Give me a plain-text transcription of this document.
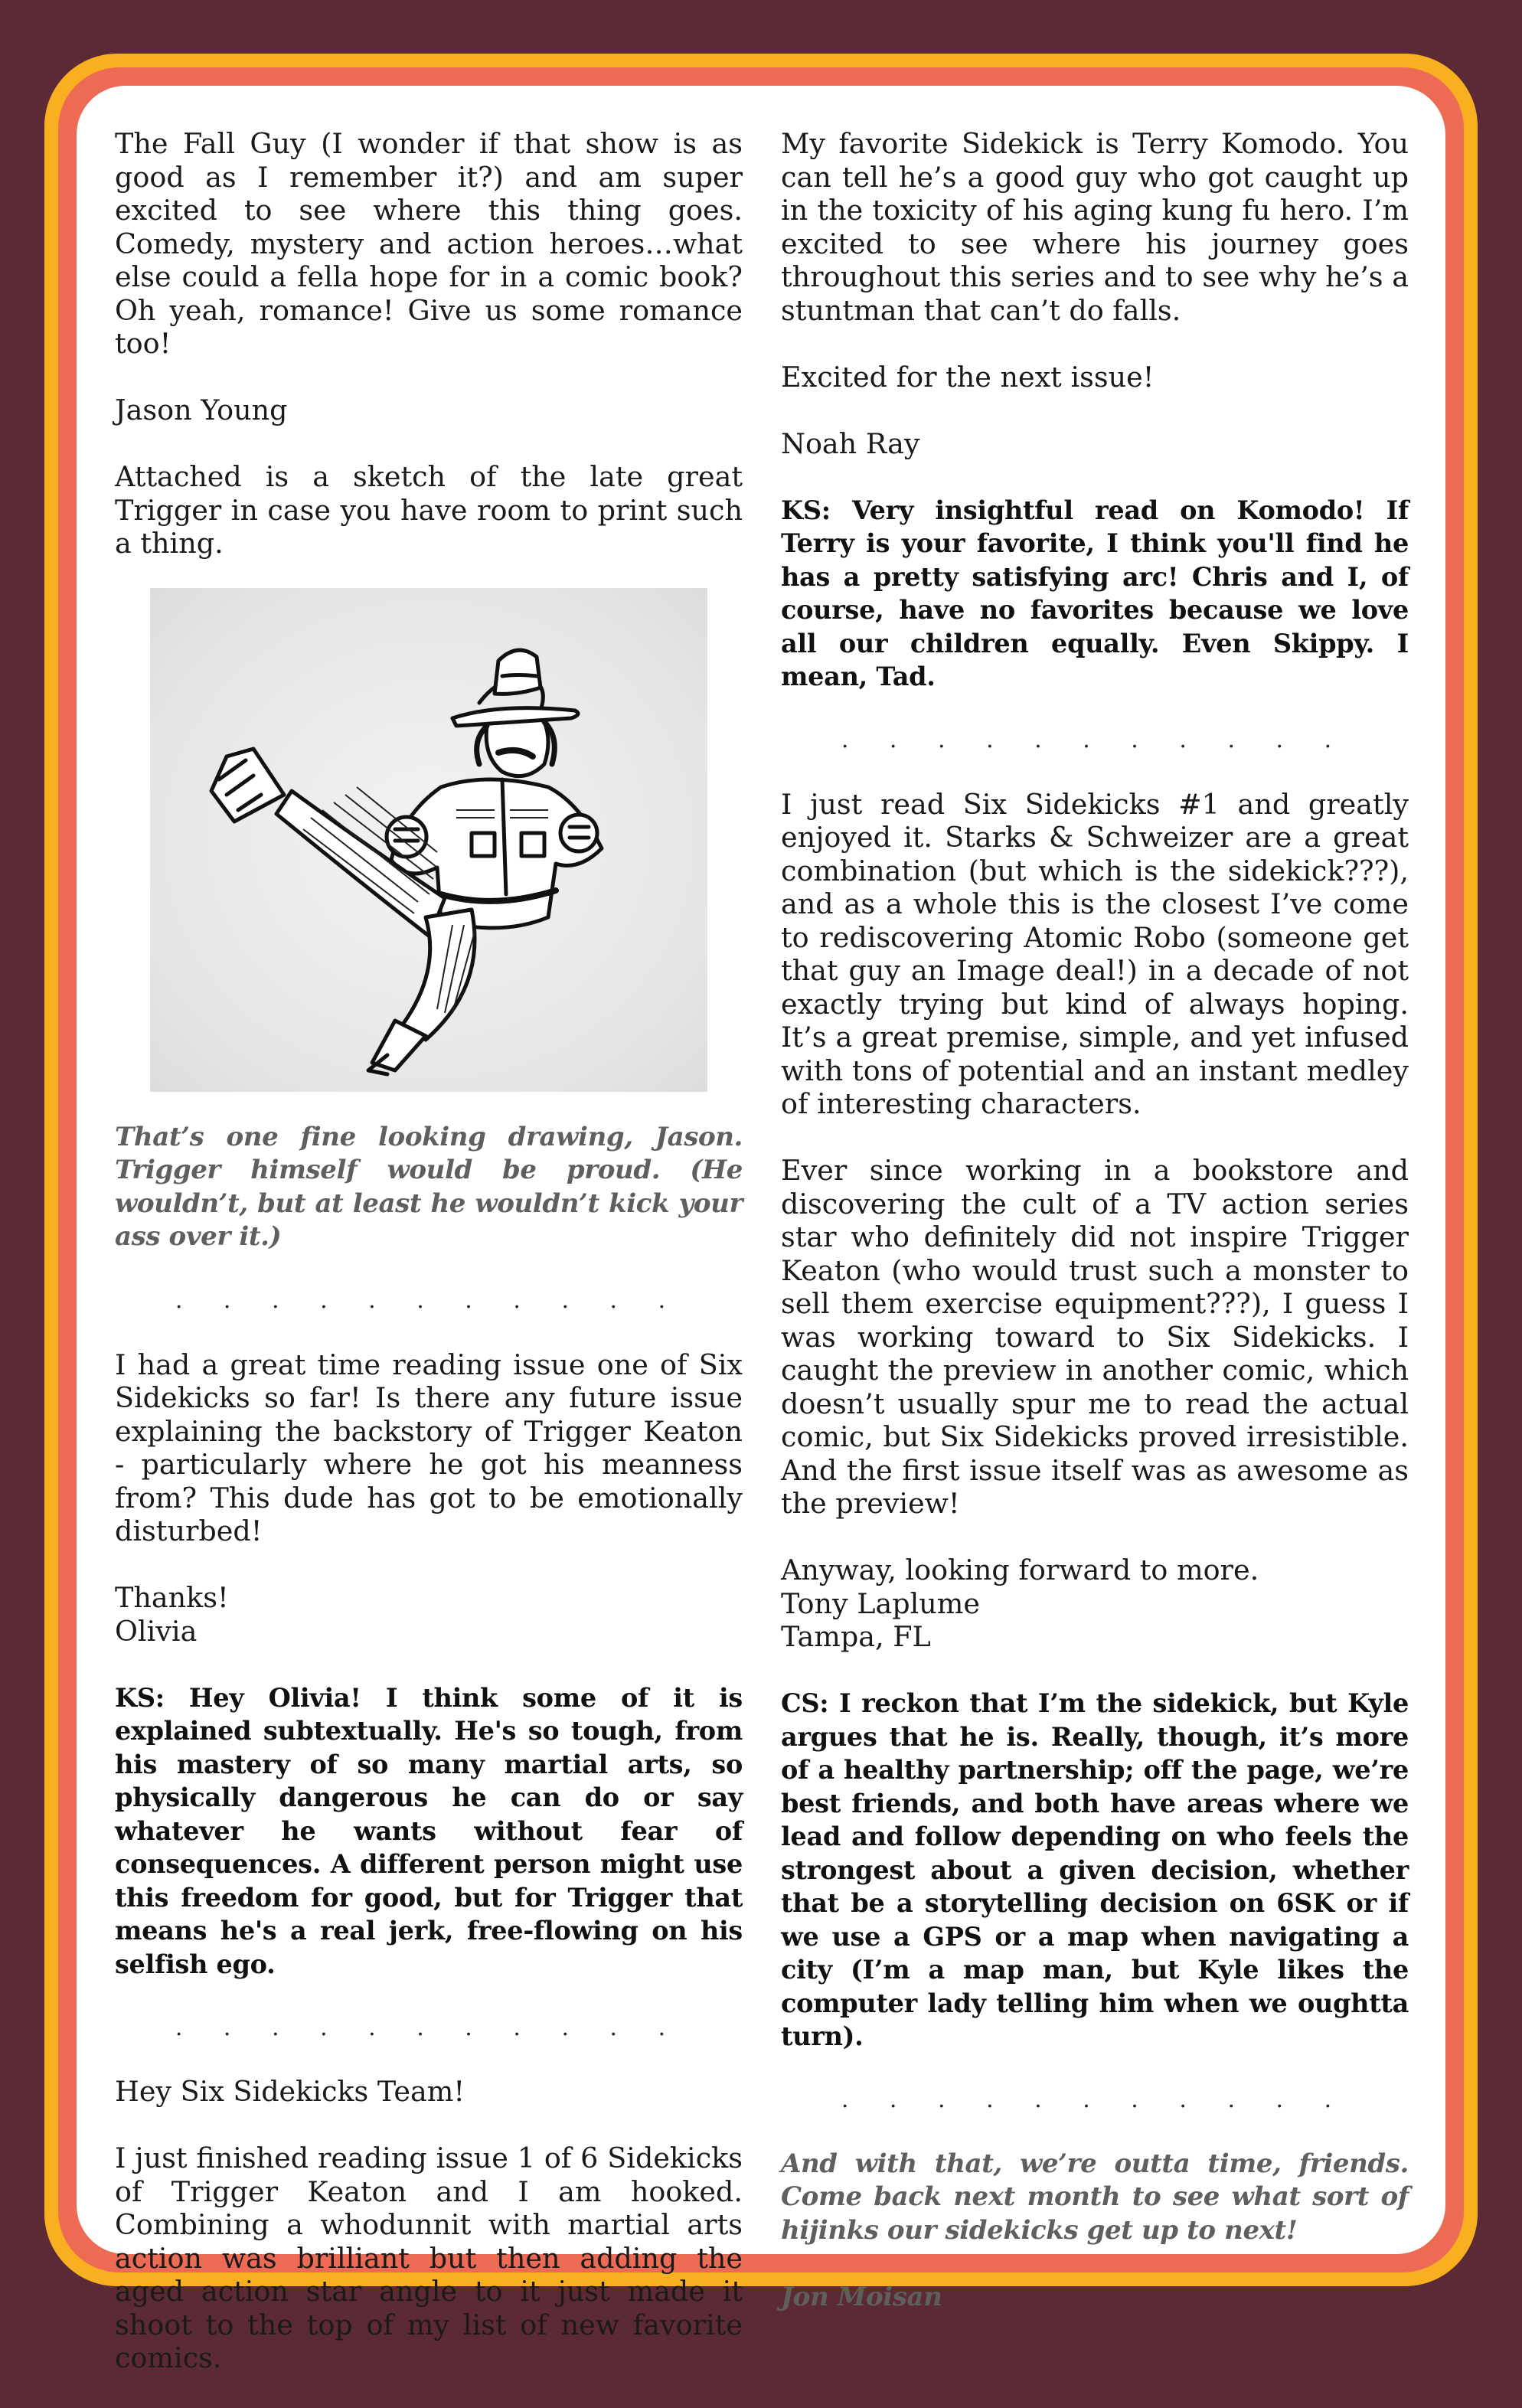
The Fall Guy (I wonder if that show is as good as I remember it?) and am super excited to see where this thing goes. Comedy, mystery and action heroes…what else could a fella hope for in a comic book? Oh yeah, romance! Give us some romance too!

Jason Young

Attached is a sketch of the late great Trigger in case you have room to print such a thing.

That’s one fine looking drawing, Jason. Trigger himself would be proud. (He wouldn’t, but at least he wouldn’t kick your ass over it.)

. . . . . . . . . . .

I had a great time reading issue one of Six Sidekicks so far! Is there any future issue explaining the backstory of Trigger Keaton - particularly where he got his meanness from? This dude has got to be emotionally disturbed!

Thanks!

Olivia

KS: Hey Olivia! I think some of it is explained subtextually. He's so tough, from his mastery of so many martial arts, so physically dangerous he can do or say whatever he wants without fear of consequences. A different person might use this freedom for good, but for Trigger that means he's a real jerk, free-flowing on his selfish ego.

. . . . . . . . . . .

Hey Six Sidekicks Team!

I just finished reading issue 1 of 6 Sidekicks of Trigger Keaton and I am hooked. Combining a whodunnit with martial arts action was brilliant but then adding the aged action star angle to it just made it shoot to the top of my list of new favorite comics.

My favorite Sidekick is Terry Komodo. You can tell he’s a good guy who got caught up in the toxicity of his aging kung fu hero. I’m excited to see where his journey goes throughout this series and to see why he’s a stuntman that can’t do falls.

Excited for the next issue!

Noah Ray

KS: Very insightful read on Komodo! If Terry is your favorite, I think you'll find he has a pretty satisfying arc! Chris and I, of course, have no favorites because we love all our children equally. Even Skippy. I mean, Tad.

. . . . . . . . . . .

I just read Six Sidekicks #1 and greatly enjoyed it. Starks & Schweizer are a great combination (but which is the sidekick???), and as a whole this is the closest I’ve come to rediscovering Atomic Robo (someone get that guy an Image deal!) in a decade of not exactly trying but kind of always hoping. It’s a great premise, simple, and yet infused with tons of potential and an instant medley of interesting characters.

Ever since working in a bookstore and discovering the cult of a TV action series star who definitely did not inspire Trigger Keaton (who would trust such a monster to sell them exercise equipment???), I guess I was working toward to Six Sidekicks. I caught the preview in another comic, which doesn’t usually spur me to read the actual comic, but Six Sidekicks proved irresistible. And the first issue itself was as awesome as the preview!

Anyway, looking forward to more.

Tony Laplume

Tampa, FL

CS: I reckon that I’m the sidekick, but Kyle argues that he is. Really, though, it’s more of a healthy partnership; off the page, we’re best friends, and both have areas where we lead and follow depending on who feels the strongest about a given decision, whether that be a storytelling decision on 6SK or if we use a GPS or a map when navigating a city (I’m a map man, but Kyle likes the computer lady telling him when we oughtta turn).

. . . . . . . . . . .

And with that, we’re outta time, friends. Come back next month to see what sort of hijinks our sidekicks get up to next!

Jon Moisan
